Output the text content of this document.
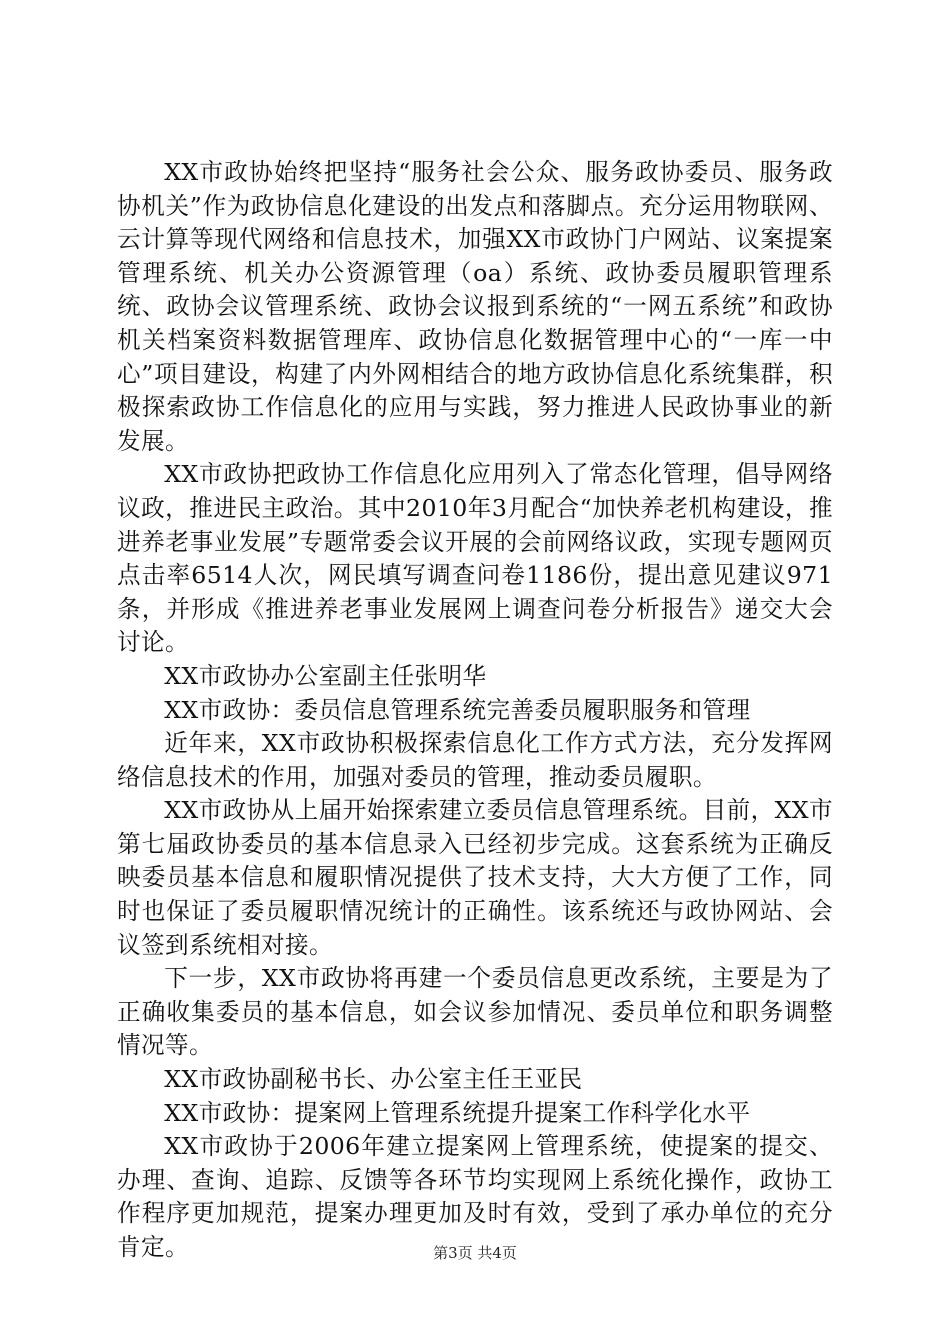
XX市政协始终把坚持“服务社会公众、服务政协委员、服务政协机关”作为政协信息化建设的出发点和落脚点。充分运用物联网、云计算等现代网络和信息技术，加强XX市政协门户网站、议案提案管理系统、机关办公资源管理（oa）系统、政协委员履职管理系统、政协会议管理系统、政协会议报到系统的“一网五系统”和政协机关档案资料数据管理库、政协信息化数据管理中心的“一库一中心”项目建设，构建了内外网相结合的地方政协信息化系统集群，积极探索政协工作信息化的应用与实践，努力推进人民政协事业的新发展。

XX市政协把政协工作信息化应用列入了常态化管理，倡导网络议政，推进民主政治。其中2010年3月配合“加快养老机构建设，推进养老事业发展”专题常委会议开展的会前网络议政，实现专题网页点击率6514人次，网民填写调查问卷1186份，提出意见建议971条，并形成《推进养老事业发展网上调查问卷分析报告》递交大会讨论。

XX市政协办公室副主任张明华

XX市政协：委员信息管理系统完善委员履职服务和管理

近年来，XX市政协积极探索信息化工作方式方法，充分发挥网络信息技术的作用，加强对委员的管理，推动委员履职。

XX市政协从上届开始探索建立委员信息管理系统。目前，XX市第七届政协委员的基本信息录入已经初步完成。这套系统为正确反映委员基本信息和履职情况提供了技术支持，大大方便了工作，同时也保证了委员履职情况统计的正确性。该系统还与政协网站、会议签到系统相对接。

下一步，XX市政协将再建一个委员信息更改系统，主要是为了正确收集委员的基本信息，如会议参加情况、委员单位和职务调整情况等。

XX市政协副秘书长、办公室主任王亚民

XX市政协：提案网上管理系统提升提案工作科学化水平

XX市政协于2006年建立提案网上管理系统，使提案的提交、办理、查询、追踪、反馈等各环节均实现网上系统化操作，政协工作程序更加规范，提案办理更加及时有效，受到了承办单位的充分肯定。	第3页 共4页
